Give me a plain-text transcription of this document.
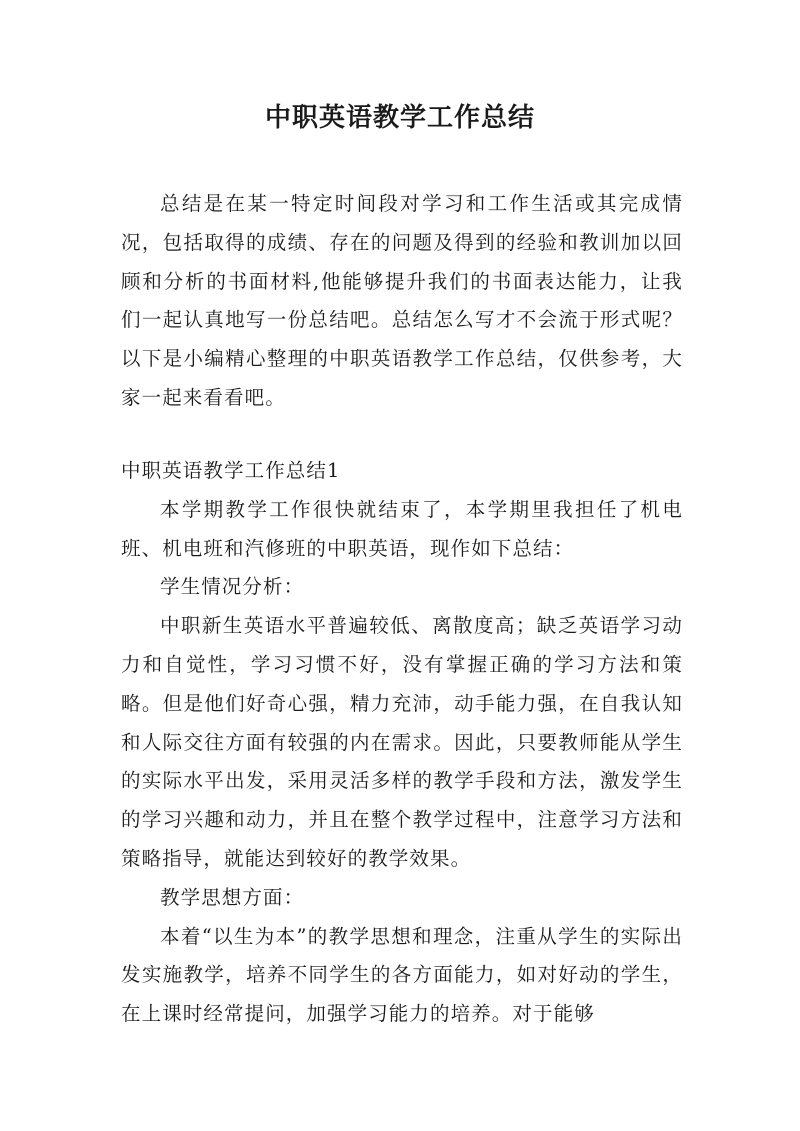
中职英语教学工作总结

总结是在某一特定时间段对学习和工作生活或其完成情况，包括取得的成绩、存在的问题及得到的经验和教训加以回顾和分析的书面材料,他能够提升我们的书面表达能力，让我们一起认真地写一份总结吧。总结怎么写才不会流于形式呢？以下是小编精心整理的中职英语教学工作总结，仅供参考，大家一起来看看吧。

中职英语教学工作总结1

本学期教学工作很快就结束了，本学期里我担任了机电班、机电班和汽修班的中职英语，现作如下总结：

学生情况分析：

中职新生英语水平普遍较低、离散度高；缺乏英语学习动力和自觉性，学习习惯不好，没有掌握正确的学习方法和策略。但是他们好奇心强，精力充沛，动手能力强，在自我认知和人际交往方面有较强的内在需求。因此，只要教师能从学生的实际水平出发，采用灵活多样的教学手段和方法，激发学生的学习兴趣和动力，并且在整个教学过程中，注意学习方法和策略指导，就能达到较好的教学效果。

教学思想方面：

本着“以生为本”的教学思想和理念，注重从学生的实际出发实施教学，培养不同学生的各方面能力，如对好动的学生，在上课时经常提问，加强学习能力的培养。对于能够
